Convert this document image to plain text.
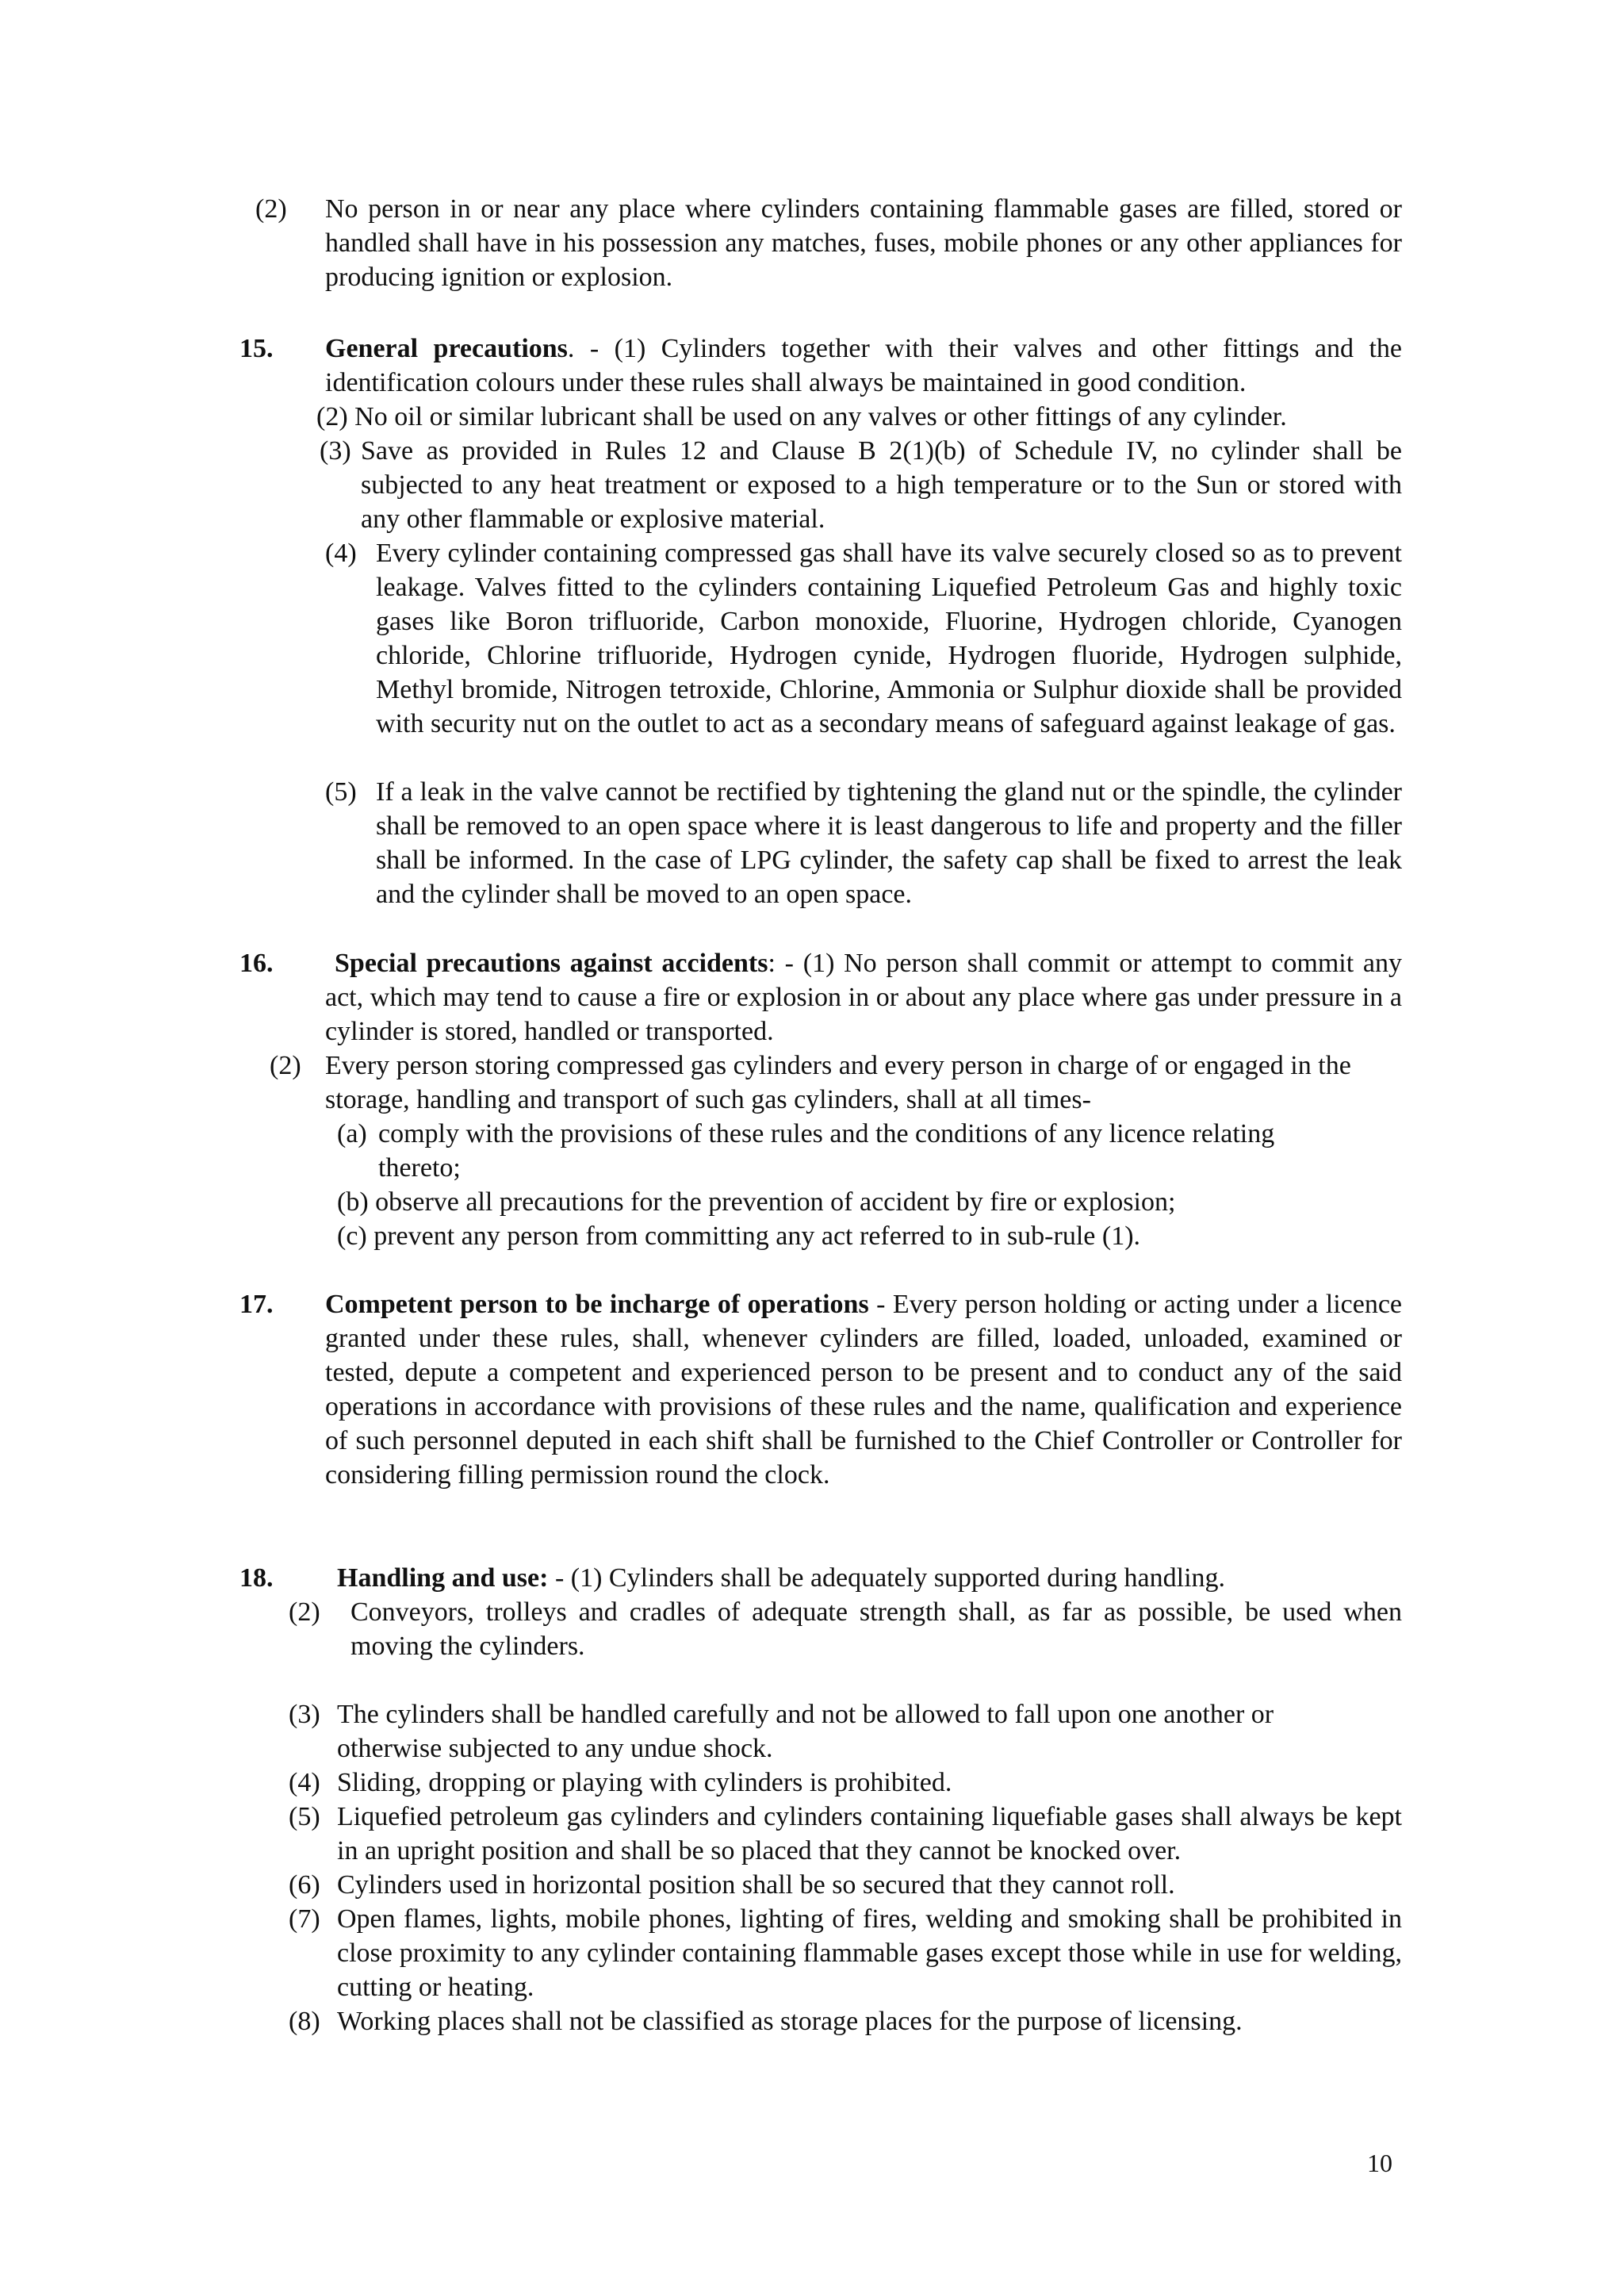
(2) No person in or near any place where cylinders containing flammable gases are filled, stored or handled shall have in his possession any matches, fuses, mobile phones or any other appliances for producing ignition or explosion.
15. General precautions. - (1) Cylinders together with their valves and other fittings and the identification colours under these rules shall always be maintained in good condition.
(2) No oil or similar lubricant shall be used on any valves or other fittings of any cylinder.
(3) Save as provided in Rules 12 and Clause B 2(1)(b) of Schedule IV, no cylinder shall be subjected to any heat treatment or exposed to a high temperature or to the Sun or stored with any other flammable or explosive material.
(4) Every cylinder containing compressed gas shall have its valve securely closed so as to prevent leakage. Valves fitted to the cylinders containing Liquefied Petroleum Gas and highly toxic gases like Boron trifluoride, Carbon monoxide, Fluorine, Hydrogen chloride, Cyanogen chloride, Chlorine trifluoride, Hydrogen cynide, Hydrogen fluoride, Hydrogen sulphide, Methyl bromide, Nitrogen tetroxide, Chlorine, Ammonia or Sulphur dioxide shall be provided with security nut on the outlet to act as a secondary means of safeguard against leakage of gas.
(5) If a leak in the valve cannot be rectified by tightening the gland nut or the spindle, the cylinder shall be removed to an open space where it is least dangerous to life and property and the filler shall be informed. In the case of LPG cylinder, the safety cap shall be fixed to arrest the leak and the cylinder shall be moved to an open space.
16.	Special precautions against accidents: - (1) No person shall commit or attempt to commit any act, which may tend to cause a fire or explosion in or about any place where gas under pressure in a cylinder is stored, handled or transported.
(2) Every person storing compressed gas cylinders and every person in charge of or engaged in the storage, handling and transport of such gas cylinders, shall at all times-
(a) comply with the provisions of these rules and the conditions of any licence relating thereto;
(b) observe all precautions for the prevention of accident by fire or explosion;
(c) prevent any person from committing any act referred to in sub-rule (1).
17. Competent person to be incharge of operations - Every person holding or acting under a licence granted under these rules, shall, whenever cylinders are filled, loaded, unloaded, examined or tested, depute a competent and experienced person to be present and to conduct any of the said operations in accordance with provisions of these rules and the name, qualification and experience of such personnel deputed in each shift shall be furnished to the Chief Controller or Controller for considering filling permission round the clock.
18. Handling and use: - (1) Cylinders shall be adequately supported during handling.
(2) Conveyors, trolleys and cradles of adequate strength shall, as far as possible, be used when moving the cylinders.
(3) The cylinders shall be handled carefully and not be allowed to fall upon one another or otherwise subjected to any undue shock.
(4) Sliding, dropping or playing with cylinders is prohibited.
(5) Liquefied petroleum gas cylinders and cylinders containing liquefiable gases shall always be kept in an upright position and shall be so placed that they cannot be knocked over.
(6) Cylinders used in horizontal position shall be so secured that they cannot roll.
(7) Open flames, lights, mobile phones, lighting of fires, welding and smoking shall be prohibited in close proximity to any cylinder containing flammable gases except those while in use for welding, cutting or heating.
(8) Working places shall not be classified as storage places for the purpose of licensing.
10
